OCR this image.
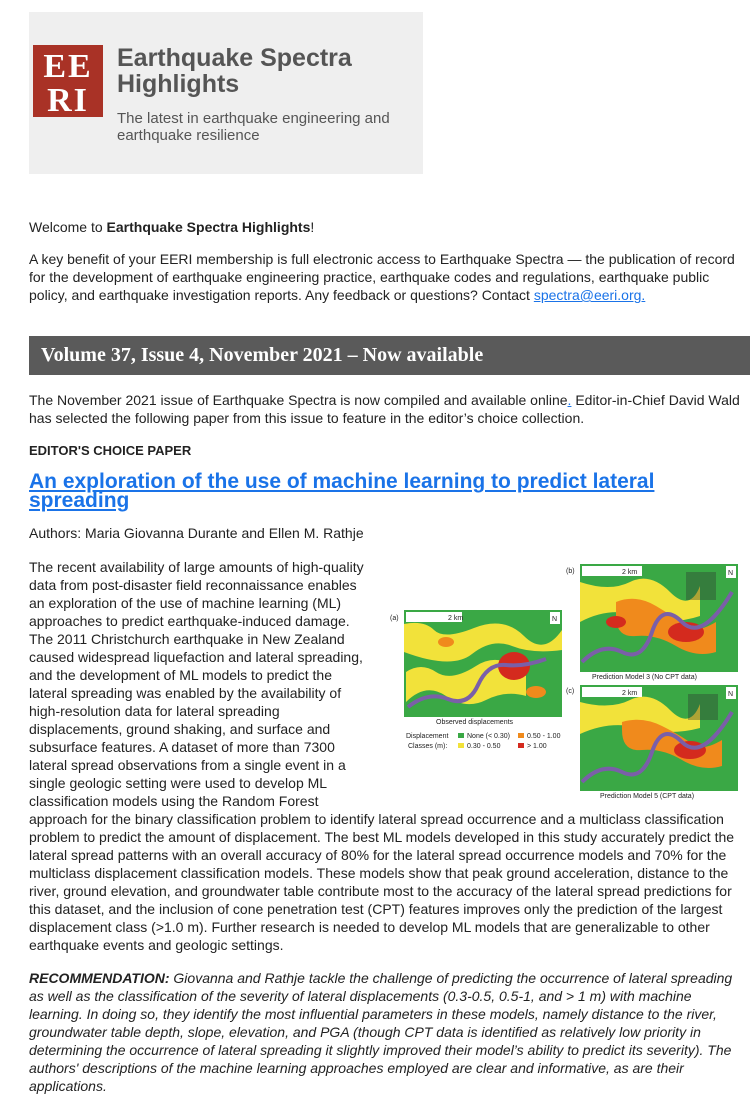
EE
RI
Earthquake Spectra Highlights
The latest in earthquake engineering and earthquake resilience
Welcome to Earthquake Spectra Highlights!
A key benefit of your EERI membership is full electronic access to Earthquake Spectra — the publication of record for the development of earthquake engineering practice, earthquake codes and regulations, earthquake public policy, and earthquake investigation reports. Any feedback or questions? Contact spectra@eeri.org.
Volume 37, Issue 4, November 2021 – Now available
The November 2021 issue of Earthquake Spectra is now compiled and available online. Editor-in-Chief David Wald has selected the following paper from this issue to feature in the editor’s choice collection.
EDITOR'S CHOICE PAPER
An exploration of the use of machine learning to predict lateral spreading
Authors: Maria Giovanna Durante and Ellen M. Rathje
The recent availability of large amounts of high-quality
data from post-disaster field reconnaissance enables
an exploration of the use of machine learning (ML)
approaches to predict earthquake-induced damage.
The 2011 Christchurch earthquake in New Zealand
caused widespread liquefaction and lateral spreading,
and the development of ML models to predict the
lateral spreading was enabled by the availability of
high-resolution data for lateral spreading
displacements, ground shaking, and surface and
subsurface features. A dataset of more than 7300
lateral spread observations from a single event in a
single geologic setting were used to develop ML
classification models using the Random Forest
approach for the binary classification problem to identify lateral spread occurrence and a multiclass classification problem to predict the amount of displacement. The best ML models developed in this study accurately predict the lateral spread patterns with an overall accuracy of 80% for the lateral spread occurrence models and 70% for the multiclass displacement classification models. These models show that peak ground acceleration, distance to the river, ground elevation, and groundwater table contribute most to the accuracy of the lateral spread predictions for this dataset, and the inclusion of cone penetration test (CPT) features improves only the prediction of the largest displacement class (>1.0 m). Further research is needed to develop ML models that are generalizable to other earthquake events and geologic settings.
(a)	2 km	N
Observed displacements
Displacement
Classes (m):
None (< 0.30) 0.50 - 1.00
0.30 - 0.50	> 1.00
(b)	2 km	N
Prediction Model 3 (No CPT data)
(c)	2 km	N
Prediction Model 5 (CPT data)
RECOMMENDATION: Giovanna and Rathje tackle the challenge of predicting the occurrence of lateral spreading as well as the classification of the severity of lateral displacements (0.3-0.5, 0.5-1, and > 1 m) with machine learning. In doing so, they identify the most influential parameters in these models, namely distance to the river, groundwater table depth, slope, elevation, and PGA (though CPT data is identified as relatively low priority in determining the occurrence of lateral spreading it slightly improved their model’s ability to predict its severity). The authors' descriptions of the machine learning approaches employed are clear and informative, as are their applications.
